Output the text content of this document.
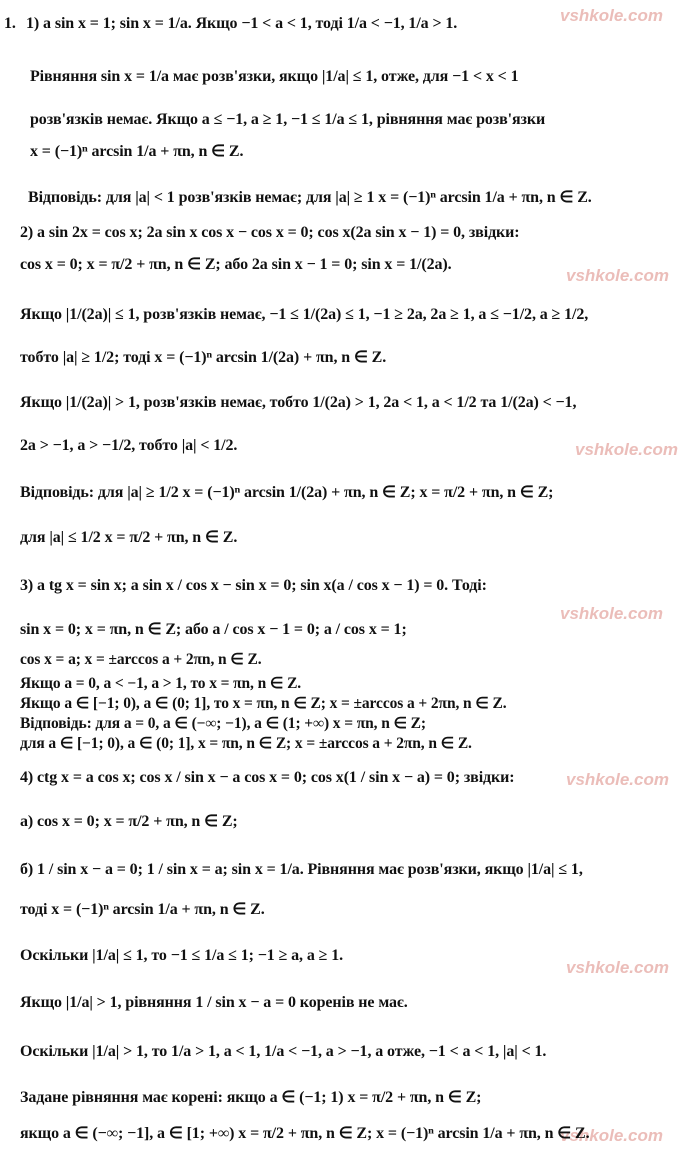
vshkole.com
vshkole.com
vshkole.com
vshkole.com
vshkole.com
vshkole.com
vshkole.com
1. 1) a sin x = 1; sin x = 1/a. Якщо −1 < a < 1, тоді 1/a < −1, 1/a > 1.
Рівняння sin x = 1/a має розв'язки, якщо |1/a| ≤ 1, отже, для −1 < x < 1
розв'язків немає. Якщо a ≤ −1, a ≥ 1, −1 ≤ 1/a ≤ 1, рівняння має розв'язки
x = (−1)ⁿ arcsin 1/a + πn, n ∈ Z.
Відповідь: для |a| < 1 розв'язків немає; для |a| ≥ 1 x = (−1)ⁿ arcsin 1/a + πn, n ∈ Z.
2) a sin 2x = cos x; 2a sin x cos x − cos x = 0; cos x(2a sin x − 1) = 0, звідки:
cos x = 0; x = π/2 + πn, n ∈ Z; або 2a sin x − 1 = 0; sin x = 1/(2a).
Якщо |1/(2a)| ≤ 1, розв'язків немає, −1 ≤ 1/(2a) ≤ 1, −1 ≥ 2a, 2a ≥ 1, a ≤ −1/2, a ≥ 1/2,
тобто |a| ≥ 1/2; тоді x = (−1)ⁿ arcsin 1/(2a) + πn, n ∈ Z.
Якщо |1/(2a)| > 1, розв'язків немає, тобто 1/(2a) > 1, 2a < 1, a < 1/2 та 1/(2a) < −1,
2a > −1, a > −1/2, тобто |a| < 1/2.
Відповідь: для |a| ≥ 1/2 x = (−1)ⁿ arcsin 1/(2a) + πn, n ∈ Z; x = π/2 + πn, n ∈ Z;
для |a| ≤ 1/2 x = π/2 + πn, n ∈ Z.
3) a tg x = sin x; a sin x / cos x − sin x = 0; sin x(a / cos x − 1) = 0. Тоді:
sin x = 0; x = πn, n ∈ Z; або a / cos x − 1 = 0; a / cos x = 1;
cos x = a; x = ±arccos a + 2πn, n ∈ Z.
Якщо a = 0, a < −1, a > 1, то x = πn, n ∈ Z.
Якщо a ∈ [−1; 0), a ∈ (0; 1], то x = πn, n ∈ Z; x = ±arccos a + 2πn, n ∈ Z.
Відповідь: для a = 0, a ∈ (−∞; −1), a ∈ (1; +∞) x = πn, n ∈ Z;
для a ∈ [−1; 0), a ∈ (0; 1], x = πn, n ∈ Z; x = ±arccos a + 2πn, n ∈ Z.
4) ctg x = a cos x; cos x / sin x − a cos x = 0; cos x(1 / sin x − a) = 0; звідки:
а) cos x = 0; x = π/2 + πn, n ∈ Z;
б) 1 / sin x − a = 0; 1 / sin x = a; sin x = 1/a. Рівняння має розв'язки, якщо |1/a| ≤ 1,
тоді x = (−1)ⁿ arcsin 1/a + πn, n ∈ Z.
Оскільки |1/a| ≤ 1, то −1 ≤ 1/a ≤ 1; −1 ≥ a, a ≥ 1.
Якщо |1/a| > 1, рівняння 1 / sin x − a = 0 коренів не має.
Оскільки |1/a| > 1, то 1/a > 1, a < 1, 1/a < −1, a > −1, а отже, −1 < a < 1, |a| < 1.
Задане рівняння має корені: якщо a ∈ (−1; 1) x = π/2 + πn, n ∈ Z;
якщо a ∈ (−∞; −1], a ∈ [1; +∞) x = π/2 + πn, n ∈ Z; x = (−1)ⁿ arcsin 1/a + πn, n ∈ Z.
